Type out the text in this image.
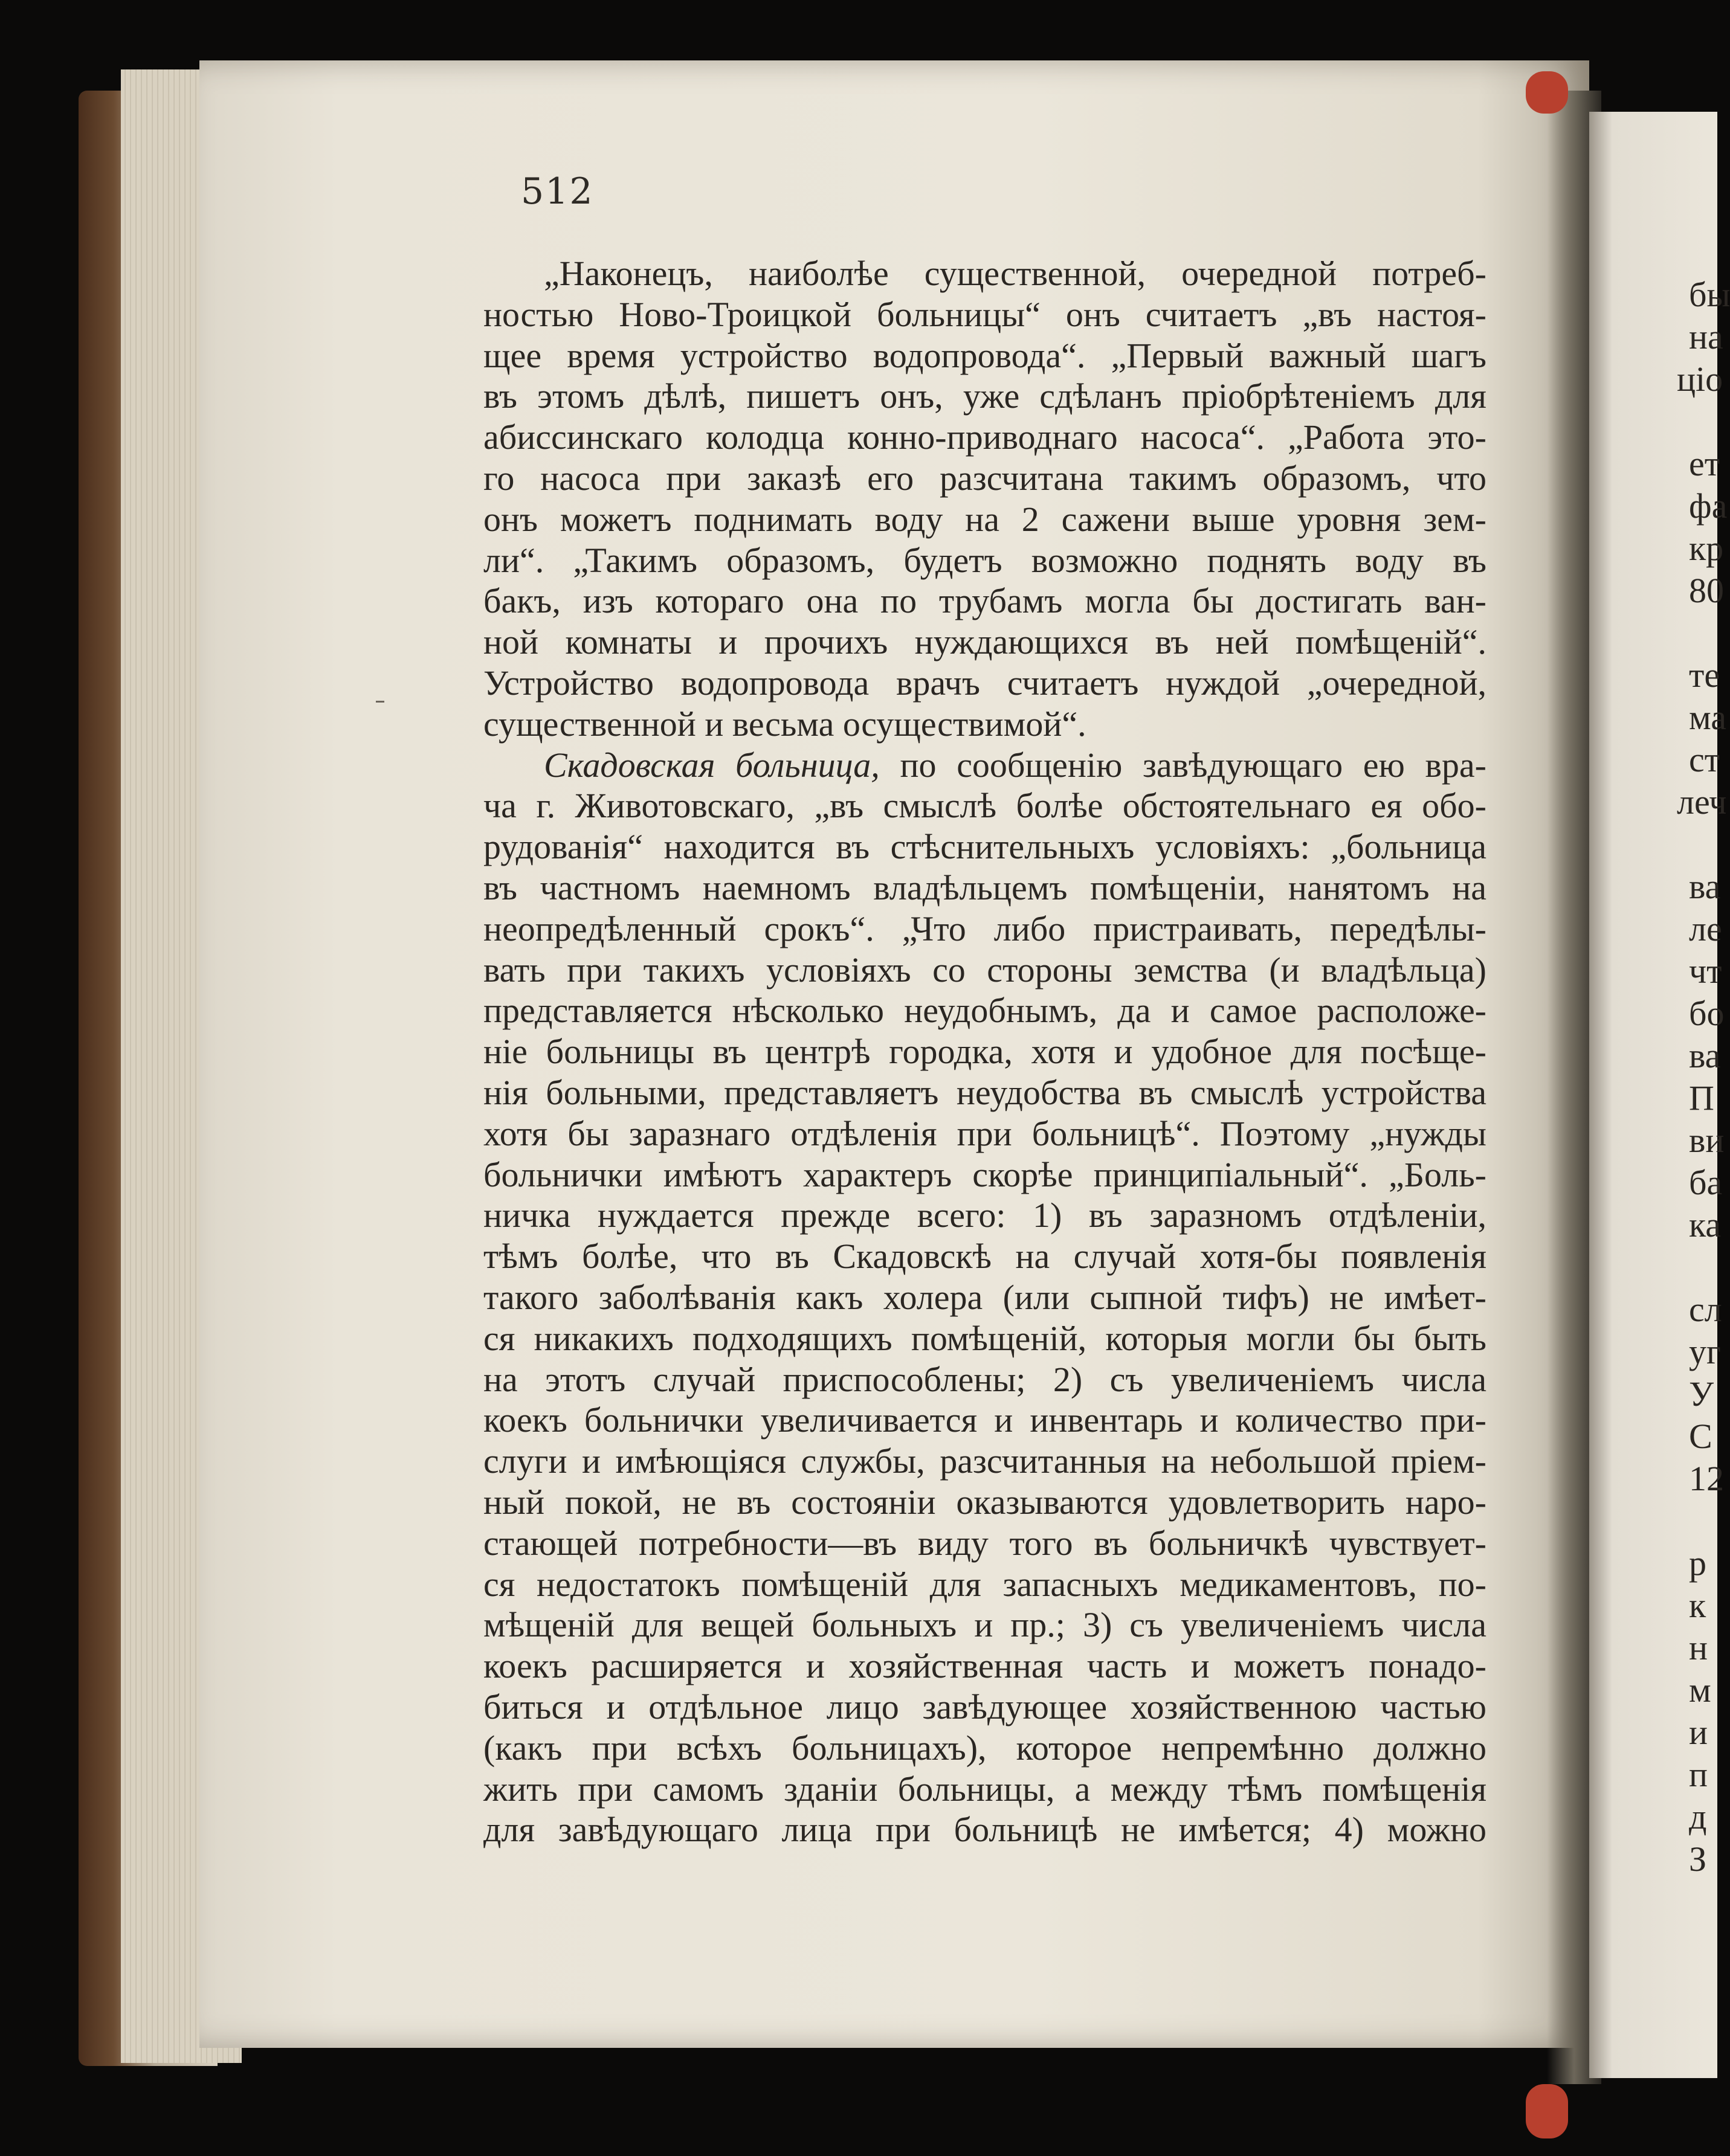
512
„Наконецъ, наиболѣе существенной, очередной потреб-
ностью Ново-Троицкой больницы“ онъ считаетъ „въ настоя-
щее время устройство водопровода“. „Первый важный шагъ
въ этомъ дѣлѣ, пишетъ онъ, уже сдѣланъ пріобрѣтеніемъ для
абиссинскаго колодца конно-приводнаго насоса“. „Работа это-
го насоса при заказѣ его разсчитана такимъ образомъ, что
онъ можетъ поднимать воду на 2 сажени выше уровня зем-
ли“. „Такимъ образомъ, будетъ возможно поднять воду въ
бакъ, изъ котораго она по трубамъ могла бы достигать ван-
ной комнаты и прочихъ нуждающихся въ ней помѣщеній“.
Устройство водопровода врачъ считаетъ нуждой „очередной,
существенной и весьма осуществимой“.
Скадовская больница, по сообщенію завѣдующаго ею вра-
ча г. Животовскаго, „въ смыслѣ болѣе обстоятельнаго ея обо-
рудованія“ находится въ стѣснительныхъ условіяхъ: „больница
въ частномъ наемномъ владѣльцемъ помѣщеніи, нанятомъ на
неопредѣленный срокъ“. „Что либо пристраивать, передѣлы-
вать при такихъ условіяхъ со стороны земства (и владѣльца)
представляется нѣсколько неудобнымъ, да и самое расположе-
ніе больницы въ центрѣ городка, хотя и удобное для посѣще-
нія больными, представляетъ неудобства въ смыслѣ устройства
хотя бы заразнаго отдѣленія при больницѣ“. Поэтому „нужды
больнички имѣютъ характеръ скорѣе принципіальный“. „Боль-
ничка нуждается прежде всего: 1) въ заразномъ отдѣленіи,
тѣмъ болѣе, что въ Скадовскѣ на случай хотя-бы появленія
такого заболѣванія какъ холера (или сыпной тифъ) не имѣет-
ся никакихъ подходящихъ помѣщеній, которыя могли бы быть
на этотъ случай приспособлены; 2) съ увеличеніемъ числа
коекъ больнички увеличивается и инвентарь и количество при-
слуги и имѣющіяся службы, разсчитанныя на небольшой пріем-
ный покой, не въ состояніи оказываются удовлетворить наро-
стающей потребности—въ виду того въ больничкѣ чувствует-
ся недостатокъ помѣщеній для запасныхъ медикаментовъ, по-
мѣщеній для вещей больныхъ и пр.; 3) съ увеличеніемъ числа
коекъ расширяется и хозяйственная часть и можетъ понадо-
биться и отдѣльное лицо завѣдующее хозяйственною частью
(какъ при всѣхъ больницахъ), которое непремѣнно должно
жить при самомъ зданіи больницы, а между тѣмъ помѣщенія
для завѣдующаго лица при больницѣ не имѣется; 4) можно
бы
на
ціо
ет
фа
кр
80
те
ма
ст
леч
ва
ле
чт
бо
ва
П
ви
ба
ка
сл
уг
У
С
12
р
к
н
м
и
п
д
З
